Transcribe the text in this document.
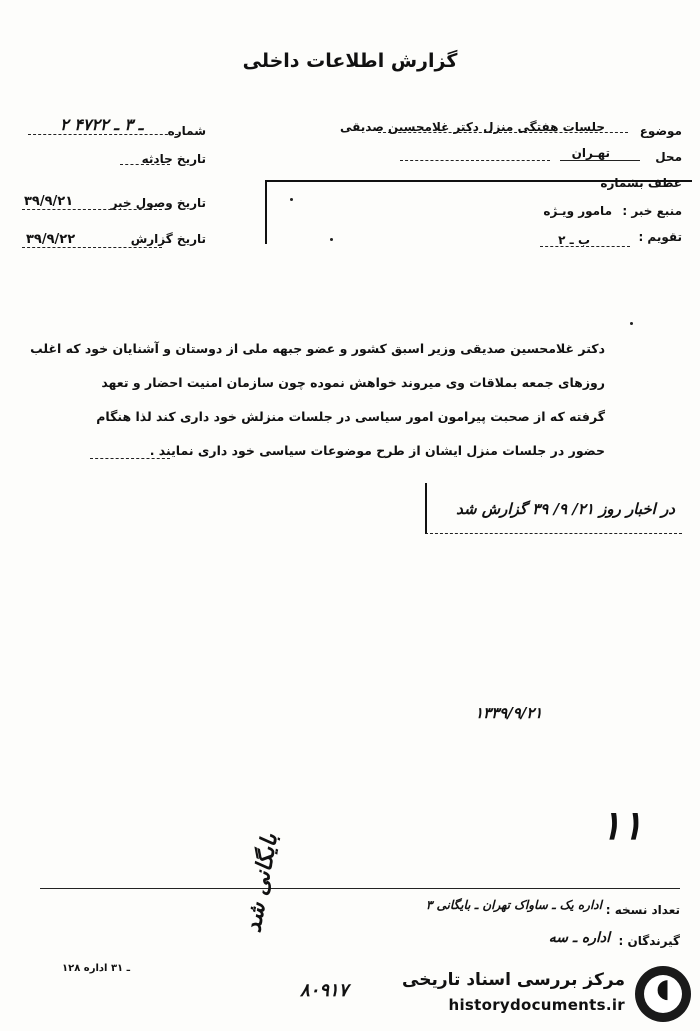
گزارش اطلاعات داخلی
موضوع
جلسات هفتگی منزل دکتر غلامحسین صدیقی
محل
تهـران
عطف بشماره
منبع خبر :
مامور ویـژه
تقویم :
ب ـ ۲
شماره
۲ ـ ۳ ـ ۴۷۲۲
تاریخ حادثه
تاریخ وصول خبر
۳۹/۹/۲۱
تاریخ گزارش
۳۹/۹/۲۲
دکتر غلامحسین صدیقی وزیر اسبق کشور و عضو جبهه ملی از دوستان و آشنایان خود که اغلب
روزهای جمعه بملاقات وی میروند خواهش نموده چون سازمان امنیت احضار و تعهد
گرفته که از صحبت پیرامون امور سیاسی در جلسات منزلش خود داری کند لذا هنگام
حضور در جلسات منزل ایشان از طرح موضوعات سیاسی خود داری نمایند .
در اخبار روز ۲۱/ ۹/ ۳۹ گزارش شد
۱۳۳۹/۹/۲۱
۱۱
تعداد نسخه :
اداره یک ـ ساواک تهران ـ بایگانی ۳
گیرندگان :
اداره ـ سه
بایگانی شد
۸۰۹۱۷
۱۲۸ ـ ۳۱ اداره
◖
مرکز بررسی اسناد تاریخی
historydocuments.ir
